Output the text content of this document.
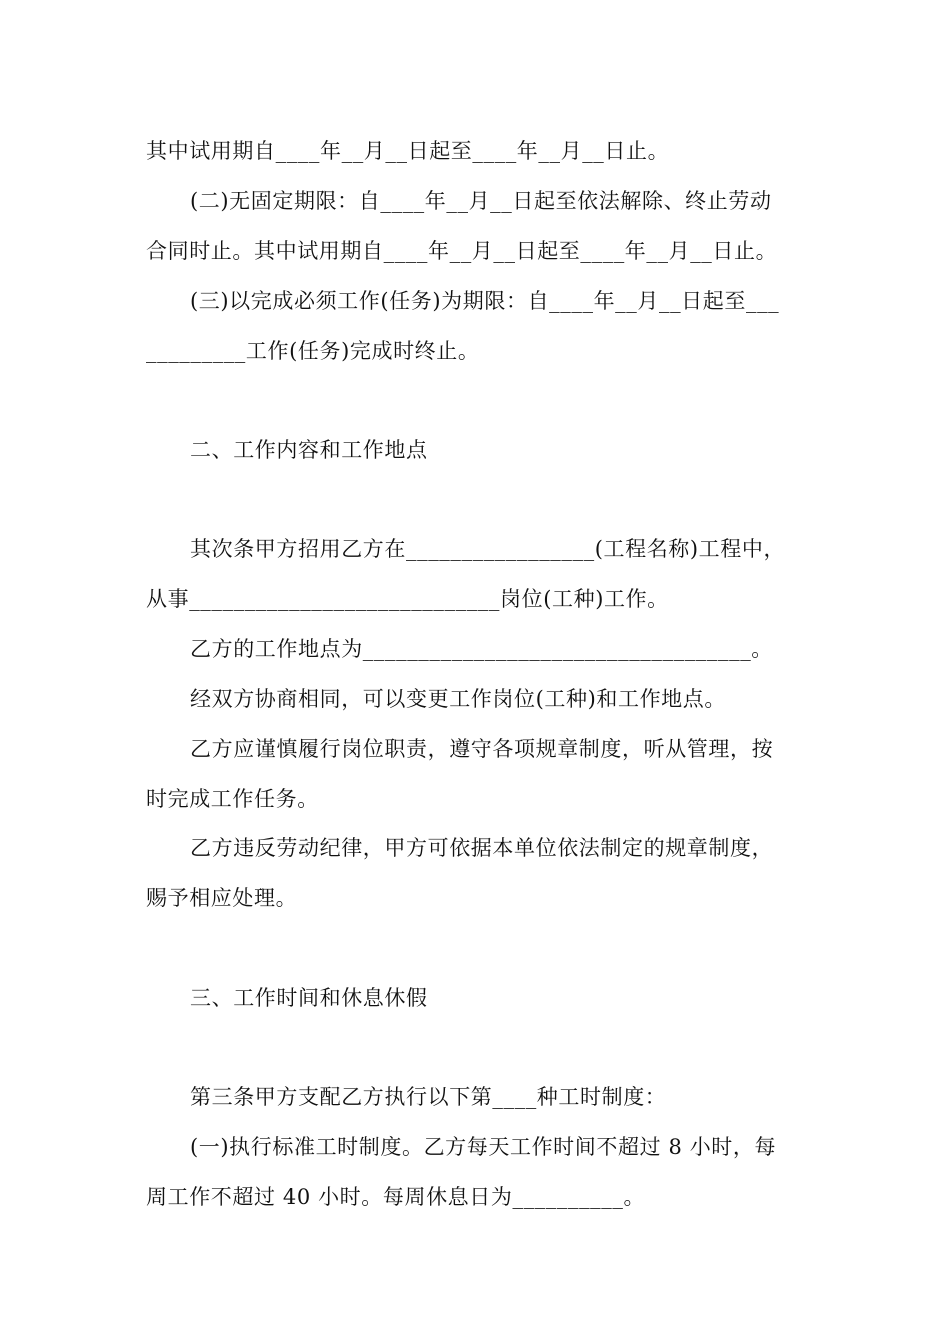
其中试用期自____年__月__日起至____年__月__日止。
(二)无固定期限：自____年__月__日起至依法解除、终止劳动
合同时止。其中试用期自____年__月__日起至____年__月__日止。
(三)以完成必须工作(任务)为期限：自____年__月__日起至___
_________工作(任务)完成时终止。
二、工作内容和工作地点
其次条甲方招用乙方在_________________(工程名称)工程中，
从事____________________________岗位(工种)工作。
乙方的工作地点为___________________________________。
经双方协商相同，可以变更工作岗位(工种)和工作地点。
乙方应谨慎履行岗位职责，遵守各项规章制度，听从管理，按
时完成工作任务。
乙方违反劳动纪律，甲方可依据本单位依法制定的规章制度，
赐予相应处理。
三、工作时间和休息休假
第三条甲方支配乙方执行以下第____种工时制度：
(一)执行标准工时制度。乙方每天工作时间不超过 8 小时，每
周工作不超过 40 小时。每周休息日为__________。
